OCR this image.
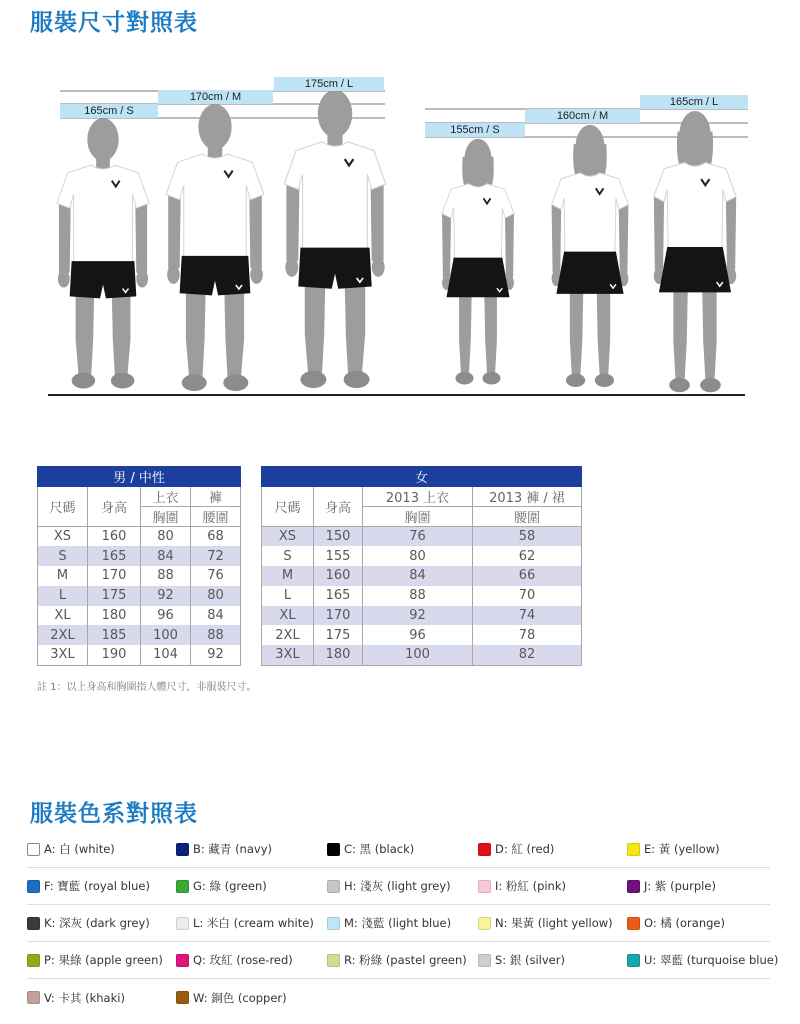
服裝尺寸對照表
165cm / S
170cm / M
175cm / L
155cm / S
160cm / M
165cm / L
男 / 中性			
尺碼	身高	上衣	褲
		胸圍	腰圍
XS	160	80	68
S	165	84	72
M	170	88	76
L	175	92	80
XL	180	96	84
2XL	185	100	88
3XL	190	104	92
女			
尺碼	身高	2013 上衣	2013 褲 / 裙
		胸圍	腰圍
XS	150	76	58
S	155	80	62
M	160	84	66
L	165	88	70
XL	170	92	74
2XL	175	96	78
3XL	180	100	82
註 1：以上身高和胸圍指人體尺寸，非服裝尺寸。
服裝色系對照表
A: 白 (white)	B: 藏青 (navy)	C: 黑 (black)	D: 紅 (red)	E: 黃 (yellow)
F: 寶藍 (royal blue)	G: 綠 (green)	H: 淺灰 (light grey)	I: 粉紅 (pink)	J: 紫 (purple)
K: 深灰 (dark grey)	L: 米白 (cream white)	M: 淺藍 (light blue)	N: 果黃 (light yellow)	O: 橘 (orange)
P: 果綠 (apple green)	Q: 玫紅 (rose-red)	R: 粉綠 (pastel green) S: 銀 (silver)	U: 翠藍 (turquoise blue)
V: 卡其 (khaki)	W: 銅色 (copper)
